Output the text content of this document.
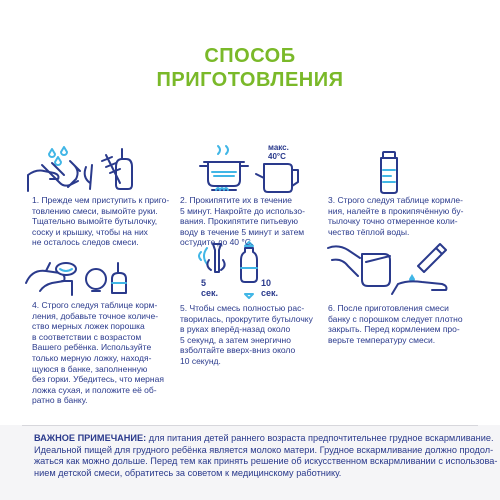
СПОСОБ
ПРИГОТОВЛЕНИЯ
макс.
40°С
5
сек.
10
сек.
1. Прежде чем приступить к приго-
товлению смеси, вымойте руки.
Тщательно вымойте бутылочку,
соску и крышку, чтобы на них
не осталось следов смеси.
2. Прокипятите их в течение
5 минут. Накройте до использо-
вания. Прокипятите питьевую
воду в течение 5 минут и затем
остудите до 40 °С.
3. Строго следуя таблице кормле-
ния, налейте в прокипячённую бу-
тылочку точно отмеренное коли-
чество тёплой воды.
4. Строго следуя таблице корм-
ления, добавьте точное количе-
ство мерных ложек порошка
в соответствии с возрастом
Вашего ребёнка. Используйте
только мерную ложку, находя-
щуюся в банке, заполненную
без горки. Убедитесь, что мерная
ложка сухая, и положите её об-
ратно в банку.
5. Чтобы смесь полностью рас-
творилась, прокрутите бутылочку
в руках вперёд-назад около
5 секунд, а затем энергично
взболтайте вверх-вниз около
10 секунд.
6. После приготовления смеси
банку с порошком следует плотно
закрыть. Перед кормлением про-
верьте температуру смеси.
ВАЖНОЕ ПРИМЕЧАНИЕ: для питания детей раннего возраста предпочтительнее грудное вскармливание.
Идеальной пищей для грудного ребёнка является молоко матери. Грудное вскармливание должно продол-
жаться как можно дольше. Перед тем как принять решение об искусственном вскармливании с использова-
нием детской смеси, обратитесь за советом к медицинскому работнику.
